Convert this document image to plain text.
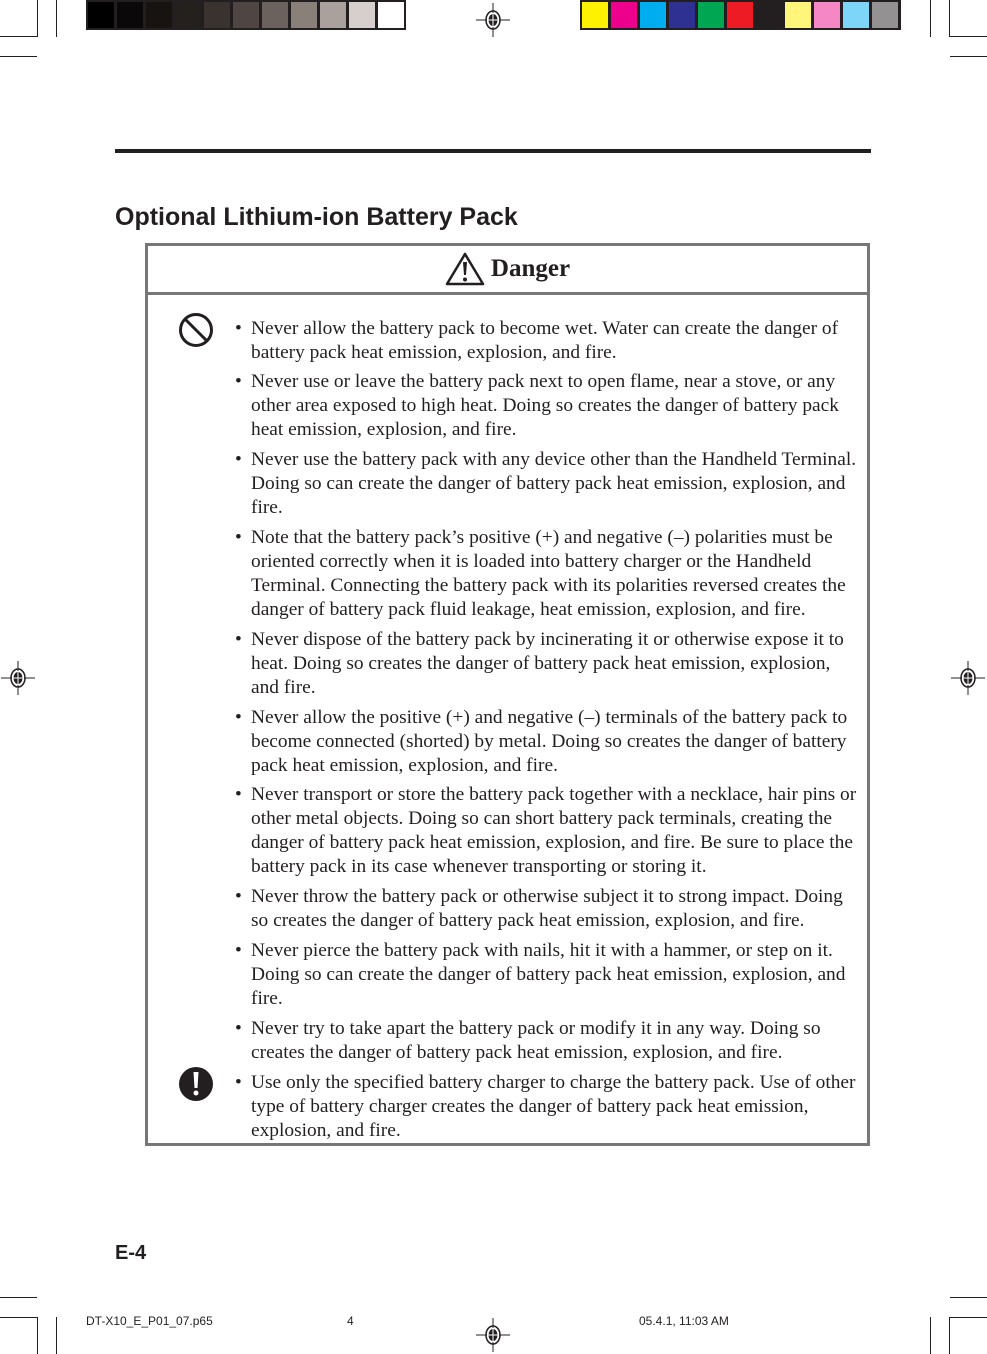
Optional Lithium-ion Battery Pack
Danger
• Never allow the battery pack to become wet. Water can create the danger of battery pack heat emission, explosion, and fire.
• Never use or leave the battery pack next to open flame, near a stove, or any other area exposed to high heat. Doing so creates the danger of battery pack heat emission, explosion, and fire.
• Never use the battery pack with any device other than the Handheld Terminal. Doing so can create the danger of battery pack heat emission, explosion, and fire.
• Note that the battery pack’s positive (+) and negative (–) polarities must be oriented correctly when it is loaded into battery charger or the Handheld Terminal. Connecting the battery pack with its polarities reversed creates the danger of battery pack fluid leakage, heat emission, explosion, and fire.
• Never dispose of the battery pack by incinerating it or otherwise expose it to heat. Doing so creates the danger of battery pack heat emission, explosion, and fire.
• Never allow the positive (+) and negative (–) terminals of the battery pack to become connected (shorted) by metal. Doing so creates the danger of battery pack heat emission, explosion, and fire.
• Never transport or store the battery pack together with a necklace, hair pins or other metal objects. Doing so can short battery pack terminals, creating the danger of battery pack heat emission, explosion, and fire. Be sure to place the battery pack in its case whenever transporting or storing it.
• Never throw the battery pack or otherwise subject it to strong impact. Doing so creates the danger of battery pack heat emission, explosion, and fire.
• Never pierce the battery pack with nails, hit it with a hammer, or step on it. Doing so can create the danger of battery pack heat emission, explosion, and fire.
• Never try to take apart the battery pack or modify it in any way. Doing so creates the danger of battery pack heat emission, explosion, and fire.
• Use only the specified battery charger to charge the battery pack. Use of other type of battery charger creates the danger of battery pack heat emission, explosion, and fire.
E-4
DT-X10_E_P01_07.p65	4	05.4.1, 11:03 AM
